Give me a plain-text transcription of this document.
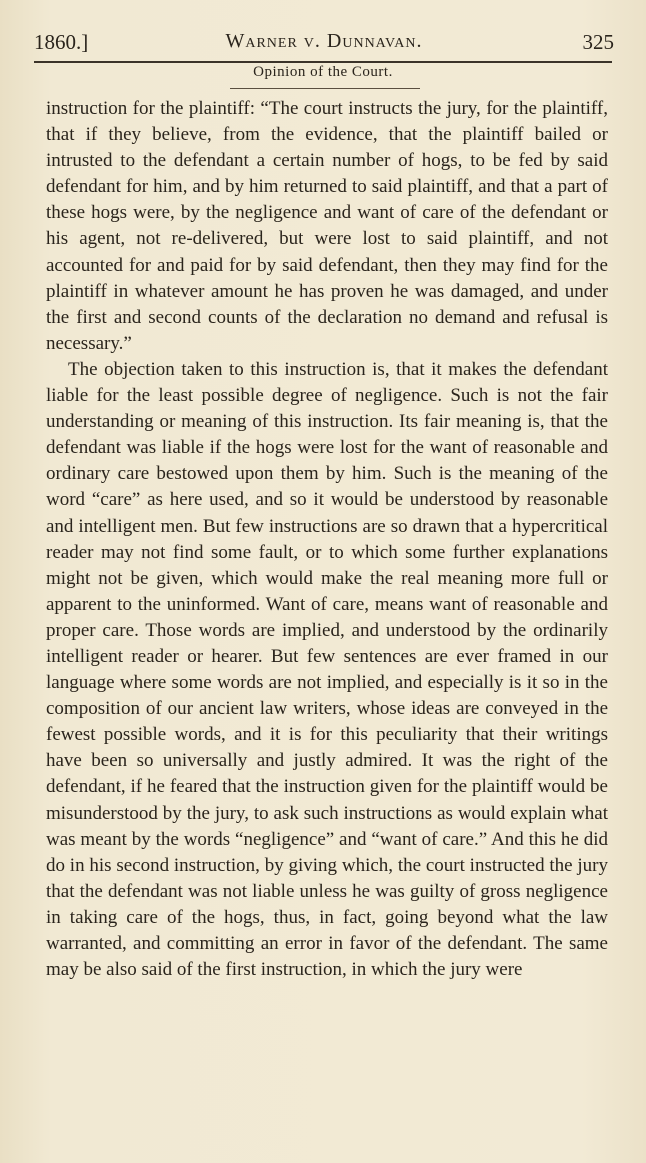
1860.]	Warner v. Dunnavan.	325
Opinion of the Court.

instruction for the plaintiff: “The court instructs the jury, for the plaintiff, that if they believe, from the evidence, that the plaintiff bailed or intrusted to the defendant a certain number of hogs, to be fed by said defendant for him, and by him returned to said plaintiff, and that a part of these hogs were, by the negligence and want of care of the defendant or his agent, not re-delivered, but were lost to said plaintiff, and not accounted for and paid for by said defendant, then they may find for the plaintiff in whatever amount he has proven he was damaged, and under the first and second counts of the declaration no demand and refusal is necessary.”

The objection taken to this instruction is, that it makes the defendant liable for the least possible degree of negligence. Such is not the fair understanding or meaning of this instruction. Its fair meaning is, that the defendant was liable if the hogs were lost for the want of reasonable and ordinary care bestowed upon them by him. Such is the meaning of the word “care” as here used, and so it would be understood by reasonable and intelligent men. But few instructions are so drawn that a hypercritical reader may not find some fault, or to which some further explanations might not be given, which would make the real meaning more full or apparent to the uninformed. Want of care, means want of reasonable and proper care. Those words are implied, and understood by the ordinarily intelligent reader or hearer. But few sentences are ever framed in our language where some words are not implied, and especially is it so in the composition of our ancient law writers, whose ideas are conveyed in the fewest possible words, and it is for this peculiarity that their writings have been so universally and justly admired. It was the right of the defendant, if he feared that the instruction given for the plaintiff would be misunderstood by the jury, to ask such instructions as would explain what was meant by the words “negligence” and “want of care.” And this he did do in his second instruction, by giving which, the court instructed the jury that the defendant was not liable unless he was guilty of gross negligence in taking care of the hogs, thus, in fact, going beyond what the law warranted, and committing an error in favor of the defendant. The same may be also said of the first instruction, in which the jury were
